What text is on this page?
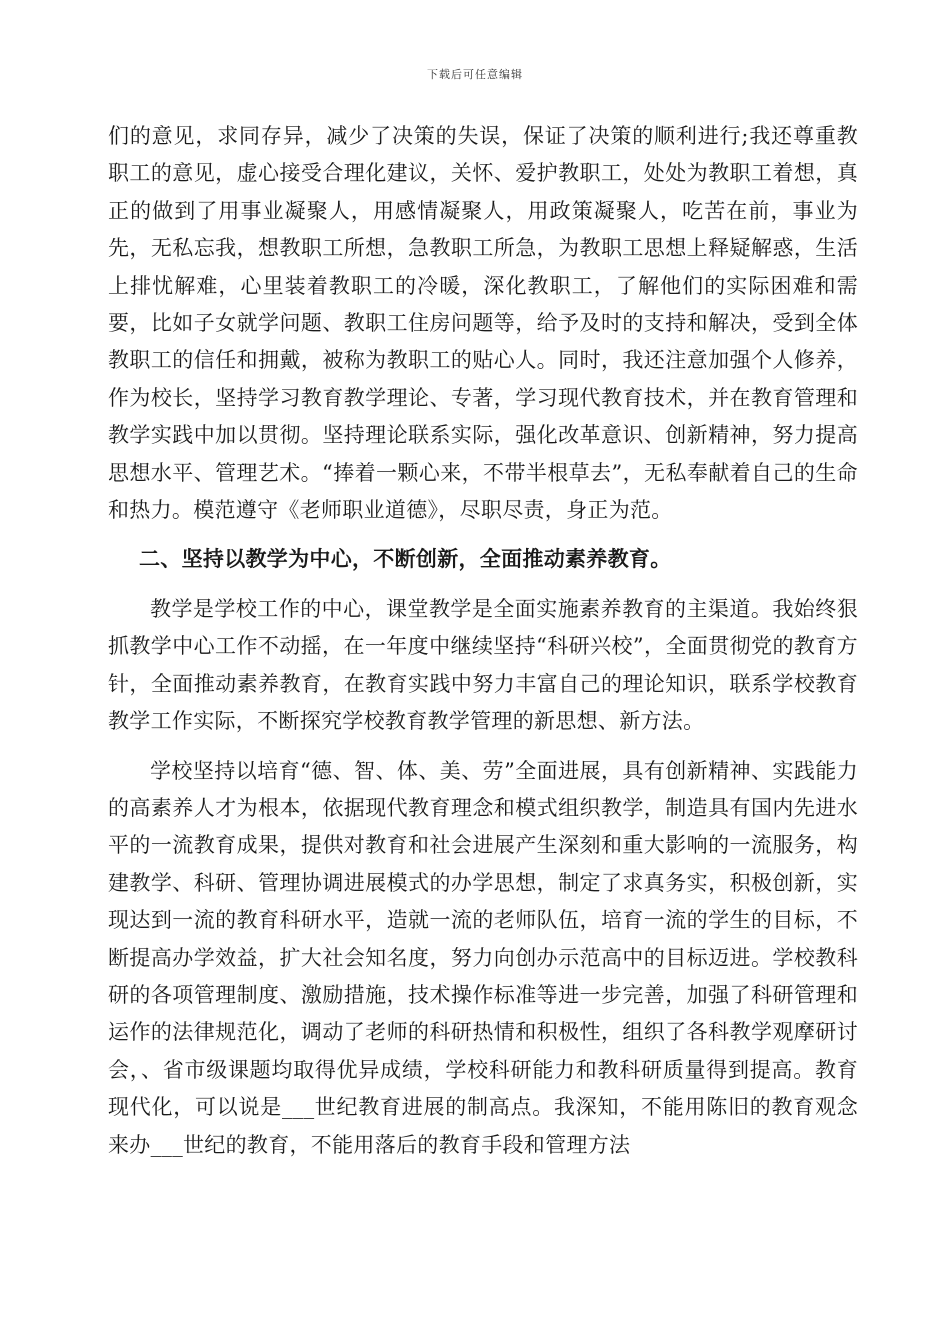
下载后可任意编辑

们的意见，求同存异，减少了决策的失误，保证了决策的顺利进行;我还尊重教职工的意见，虚心接受合理化建议，关怀、爱护教职工，处处为教职工着想，真正的做到了用事业凝聚人，用感情凝聚人，用政策凝聚人，吃苦在前，事业为先，无私忘我，想教职工所想，急教职工所急，为教职工思想上释疑解惑，生活上排忧解难，心里装着教职工的冷暖，深化教职工，了解他们的实际困难和需要，比如子女就学问题、教职工住房问题等，给予及时的支持和解决，受到全体教职工的信任和拥戴，被称为教职工的贴心人。同时，我还注意加强个人修养，作为校长，坚持学习教育教学理论、专著，学习现代教育技术，并在教育管理和教学实践中加以贯彻。坚持理论联系实际，强化改革意识、创新精神，努力提高思想水平、管理艺术。“捧着一颗心来，不带半根草去”，无私奉献着自己的生命和热力。模范遵守《老师职业道德》，尽职尽责，身正为范。

二、坚持以教学为中心，不断创新，全面推动素养教育。

教学是学校工作的中心，课堂教学是全面实施素养教育的主渠道。我始终狠抓教学中心工作不动摇，在一年度中继续坚持“科研兴校”，全面贯彻党的教育方针，全面推动素养教育，在教育实践中努力丰富自己的理论知识，联系学校教育教学工作实际，不断探究学校教育教学管理的新思想、新方法。

学校坚持以培育“德、智、体、美、劳”全面进展，具有创新精神、实践能力的高素养人才为根本，依据现代教育理念和模式组织教学，制造具有国内先进水平的一流教育成果，提供对教育和社会进展产生深刻和重大影响的一流服务，构建教学、科研、管理协调进展模式的办学思想，制定了求真务实，积极创新，实现达到一流的教育科研水平，造就一流的老师队伍，培育一流的学生的目标，不断提高办学效益，扩大社会知名度，努力向创办示范高中的目标迈进。学校教科研的各项管理制度、激励措施，技术操作标准等进一步完善，加强了科研管理和运作的法律规范化，调动了老师的科研热情和积极性，组织了各科教学观摩研讨会，、省市级课题均取得优异成绩，学校科研能力和教科研质量得到提高。教育现代化，可以说是___世纪教育进展的制高点。我深知，不能用陈旧的教育观念来办___世纪的教育，不能用落后的教育手段和管理方法
